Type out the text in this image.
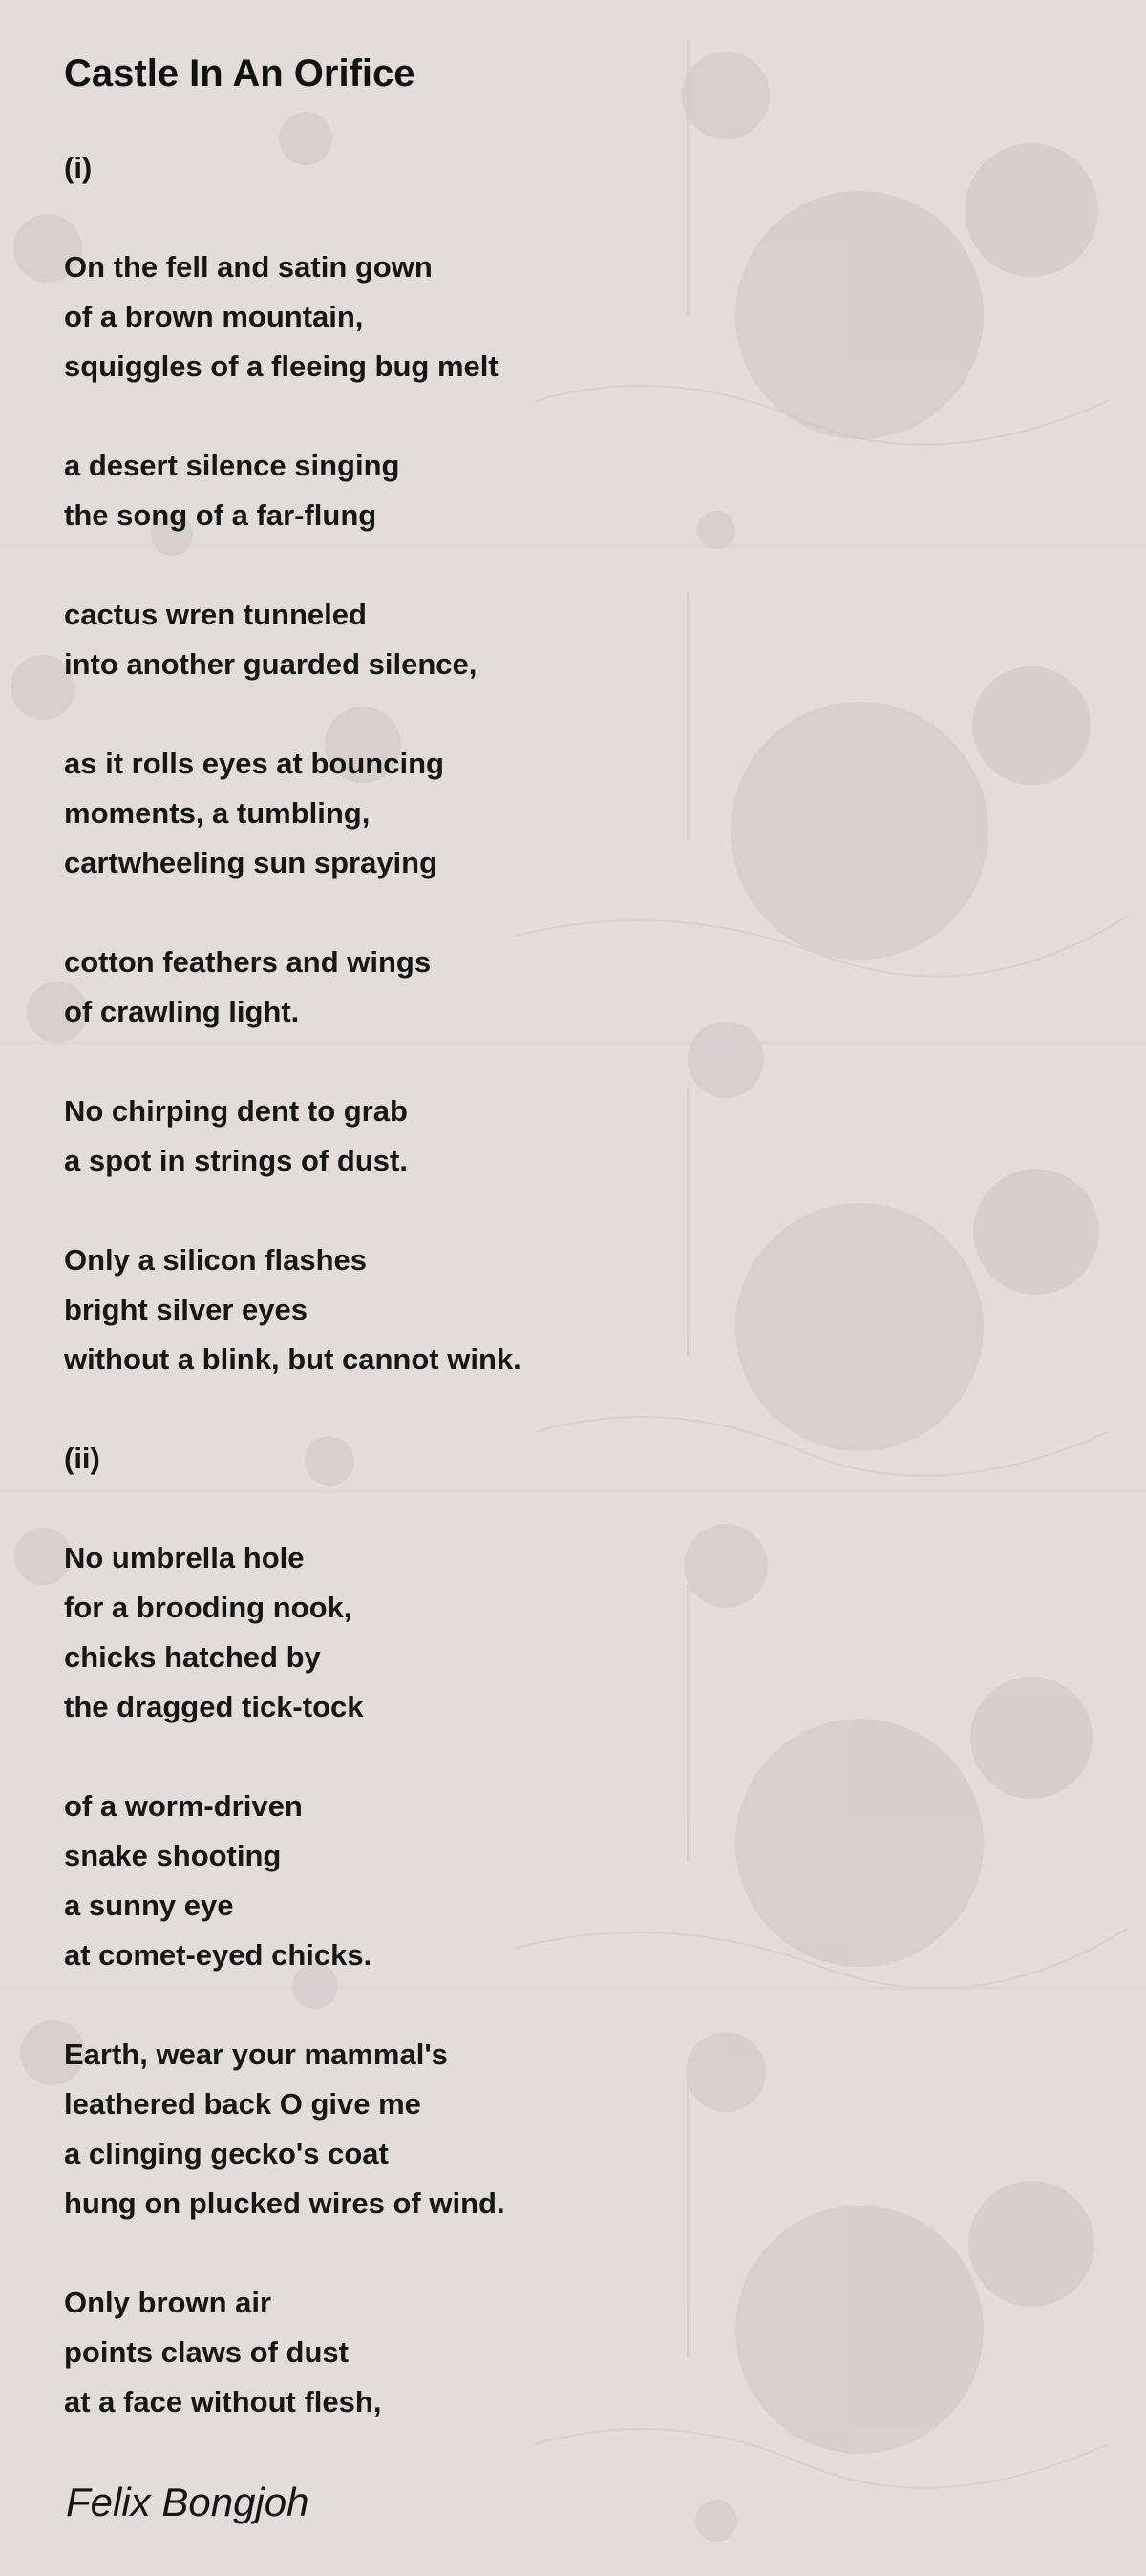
Castle In An Orifice
(i)
On the fell and satin gown
of a brown mountain,
squiggles of a fleeing bug melt
a desert silence singing
the song of a far-flung
cactus wren tunneled
into another guarded silence,
as it rolls eyes at bouncing
moments, a tumbling,
cartwheeling sun spraying
cotton feathers and wings
of crawling light.
No chirping dent to grab
a spot in strings of dust.
Only a silicon flashes
bright silver eyes
without a blink, but cannot wink.
(ii)
No umbrella hole
for a brooding nook,
chicks hatched by
the dragged tick-tock
of a worm-driven
snake shooting
a sunny eye
at comet-eyed chicks.
Earth, wear your mammal's
leathered back O give me
a clinging gecko's coat
hung on plucked wires of wind.
Only brown air
points claws of dust
at a face without flesh,
Felix Bongjoh
